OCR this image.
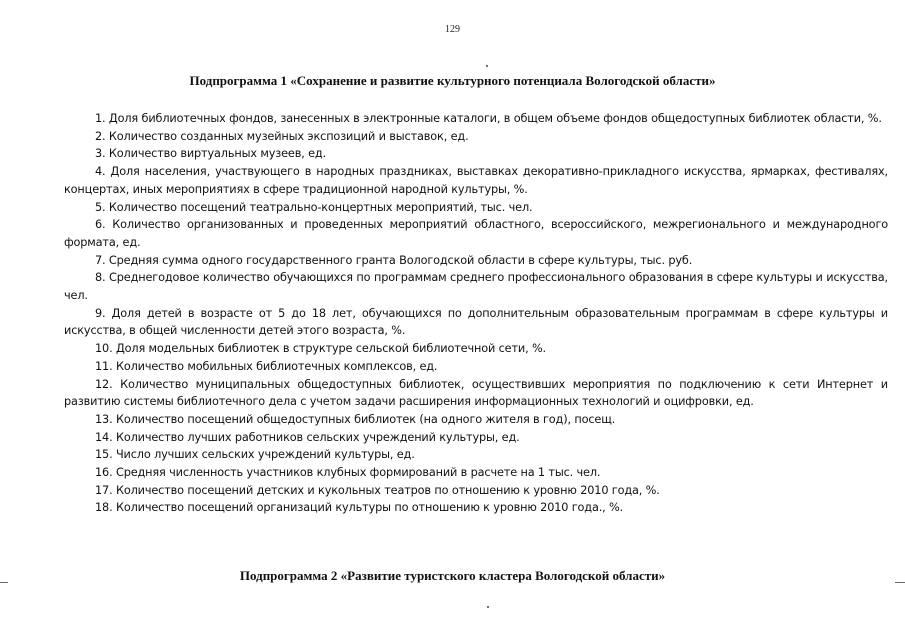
129
Подпрограмма 1 «Сохранение и развитие культурного потенциала Вологодской области»
1. Доля библиотечных фондов, занесенных в электронные каталоги, в общем объеме фондов общедоступных библиотек области, %.
2. Количество созданных музейных экспозиций и выставок, ед.
3. Количество виртуальных музеев, ед.
4. Доля населения, участвующего в народных праздниках, выставках декоративно-прикладного искусства, ярмарках, фестивалях, концертах, иных мероприятиях в сфере традиционной народной культуры, %.
5. Количество посещений театрально-концертных мероприятий, тыс. чел.
6. Количество организованных и проведенных мероприятий областного, всероссийского, межрегионального и международного формата, ед.
7. Средняя сумма одного государственного гранта Вологодской области в сфере культуры, тыс. руб.
8. Среднегодовое количество обучающихся по программам среднего профессионального образования в сфере культуры и искусства, чел.
9. Доля детей в возрасте от 5 до 18 лет, обучающихся по дополнительным образовательным программам в сфере культуры и искусства, в общей численности детей этого возраста, %.
10. Доля модельных библиотек в структуре сельской библиотечной сети, %.
11. Количество мобильных библиотечных комплексов, ед.
12. Количество муниципальных общедоступных библиотек, осуществивших мероприятия по подключению к сети Интернет и развитию системы библиотечного дела с учетом задачи расширения информационных технологий и оцифровки, ед.
13. Количество посещений общедоступных библиотек (на одного жителя в год), посещ.
14. Количество лучших работников сельских учреждений культуры, ед.
15. Число лучших сельских учреждений культуры, ед.
16. Средняя численность участников клубных формирований в расчете на 1 тыс. чел.
17. Количество посещений детских и кукольных театров по отношению к уровню 2010 года, %.
18. Количество посещений организаций культуры по отношению к уровню 2010 года., %.
Подпрограмма 2 «Развитие туристского кластера Вологодской области»
